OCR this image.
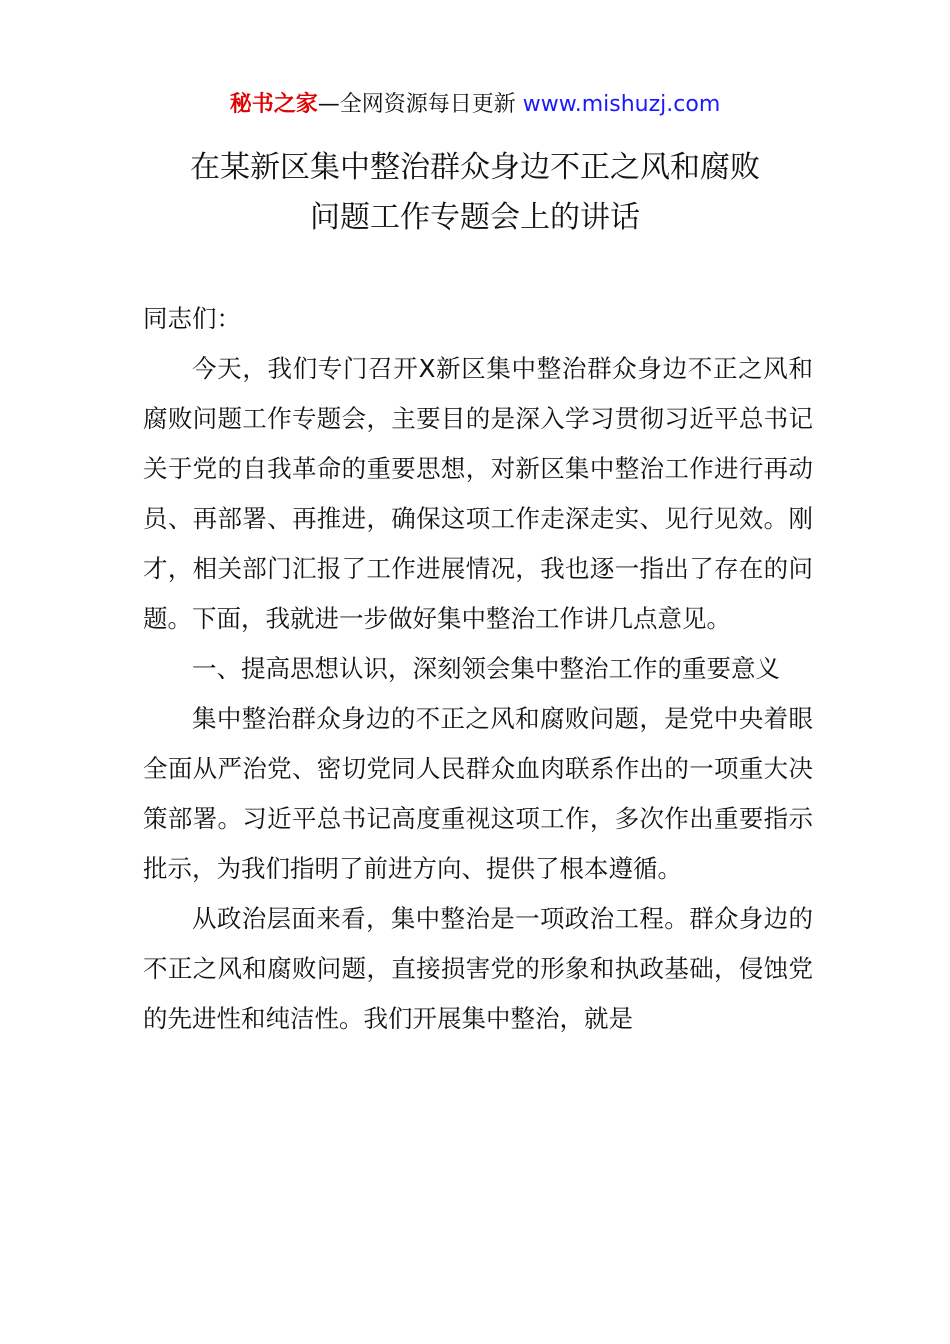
秘书之家—全网资源每日更新 www.mishuzj.com
在某新区集中整治群众身边不正之风和腐败
问题工作专题会上的讲话

同志们：

今天，我们专门召开X新区集中整治群众身边不正之风和腐败问题工作专题会，主要目的是深入学习贯彻习近平总书记关于党的自我革命的重要思想，对新区集中整治工作进行再动员、再部署、再推进，确保这项工作走深走实、见行见效。刚才，相关部门汇报了工作进展情况，我也逐一指出了存在的问题。下面，我就进一步做好集中整治工作讲几点意见。

一、提高思想认识，深刻领会集中整治工作的重要意义

集中整治群众身边的不正之风和腐败问题，是党中央着眼全面从严治党、密切党同人民群众血肉联系作出的一项重大决策部署。习近平总书记高度重视这项工作，多次作出重要指示批示，为我们指明了前进方向、提供了根本遵循。

从政治层面来看，集中整治是一项政治工程。群众身边的不正之风和腐败问题，直接损害党的形象和执政基础，侵蚀党的先进性和纯洁性。我们开展集中整治，就是
